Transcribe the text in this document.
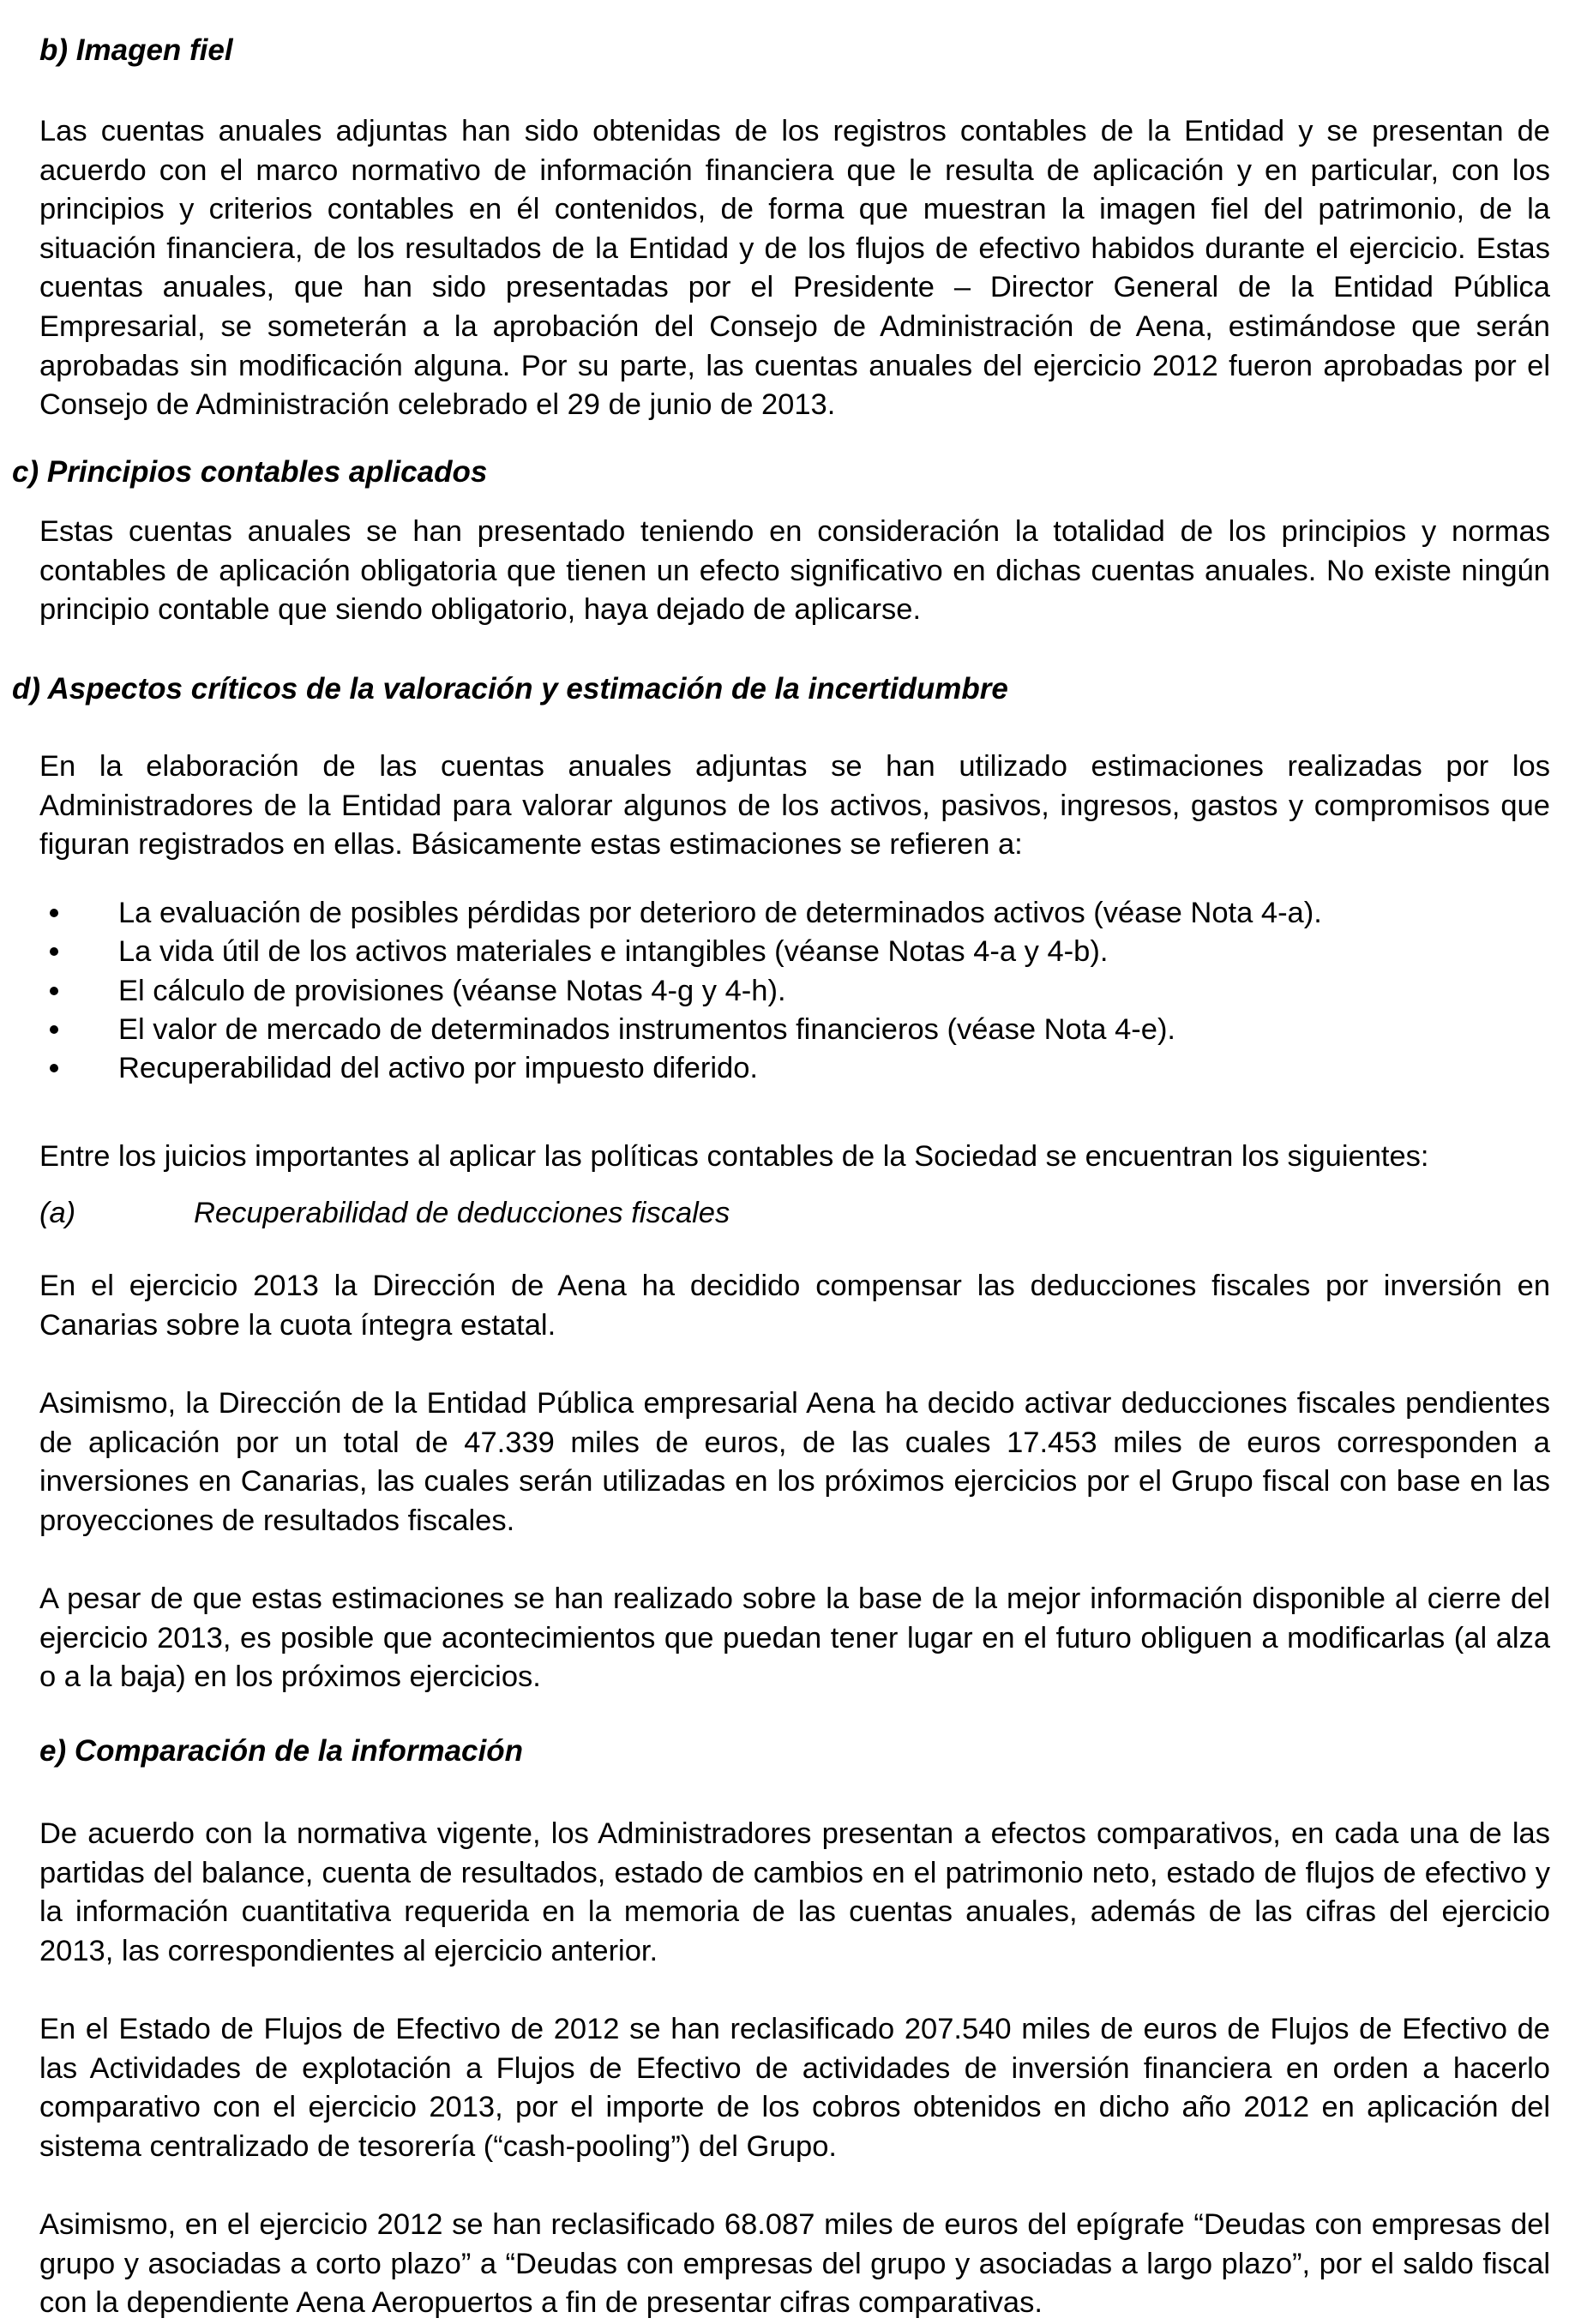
b) Imagen fiel

Las cuentas anuales adjuntas han sido obtenidas de los registros contables de la Entidad y se presentan de acuerdo con el marco normativo de información financiera que le resulta de aplicación y en particular, con los principios y criterios contables en él contenidos, de forma que muestran la imagen fiel del patrimonio, de la situación financiera, de los resultados de la Entidad y de los flujos de efectivo habidos durante el ejercicio. Estas cuentas anuales, que han sido presentadas por el Presidente – Director General de la Entidad Pública Empresarial, se someterán a la aprobación del Consejo de Administración de Aena, estimándose que serán aprobadas sin modificación alguna. Por su parte, las cuentas anuales del ejercicio 2012 fueron aprobadas por el Consejo de Administración celebrado el 29 de junio de 2013.

c) Principios contables aplicados

Estas cuentas anuales se han presentado teniendo en consideración la totalidad de los principios y normas contables de aplicación obligatoria que tienen un efecto significativo en dichas cuentas anuales. No existe ningún principio contable que siendo obligatorio, haya dejado de aplicarse.

d) Aspectos críticos de la valoración y estimación de la incertidumbre

En la elaboración de las cuentas anuales adjuntas se han utilizado estimaciones realizadas por los Administradores de la Entidad para valorar algunos de los activos, pasivos, ingresos, gastos y compromisos que figuran registrados en ellas. Básicamente estas estimaciones se refieren a:

La evaluación de posibles pérdidas por deterioro de determinados activos (véase Nota 4-a).
La vida útil de los activos materiales e intangibles (véanse Notas 4-a y 4-b).
El cálculo de provisiones (véanse Notas 4-g y 4-h).
El valor de mercado de determinados instrumentos financieros (véase Nota 4-e).
Recuperabilidad del activo por impuesto diferido.

Entre los juicios importantes al aplicar las políticas contables de la Sociedad se encuentran los siguientes:

(a)	Recuperabilidad de deducciones fiscales

En el ejercicio 2013 la Dirección de Aena ha decidido compensar las deducciones fiscales por inversión en Canarias sobre la cuota íntegra estatal.

Asimismo, la Dirección de la Entidad Pública empresarial Aena ha decido activar deducciones fiscales pendientes de aplicación por un total de 47.339 miles de euros, de las cuales 17.453 miles de euros corresponden a inversiones en Canarias, las cuales serán utilizadas en los próximos ejercicios por el Grupo fiscal con base en las proyecciones de resultados fiscales.

A pesar de que estas estimaciones se han realizado sobre la base de la mejor información disponible al cierre del ejercicio 2013, es posible que acontecimientos que puedan tener lugar en el futuro obliguen a modificarlas (al alza o a la baja) en los próximos ejercicios.

e) Comparación de la información

De acuerdo con la normativa vigente, los Administradores presentan a efectos comparativos, en cada una de las partidas del balance, cuenta de resultados, estado de cambios en el patrimonio neto, estado de flujos de efectivo y la información cuantitativa requerida en la memoria de las cuentas anuales, además de las cifras del ejercicio 2013, las correspondientes al ejercicio anterior.

En el Estado de Flujos de Efectivo de 2012 se han reclasificado 207.540 miles de euros de Flujos de Efectivo de las Actividades de explotación a Flujos de Efectivo de actividades de inversión financiera en orden a hacerlo comparativo con el ejercicio 2013, por el importe de los cobros obtenidos en dicho año 2012 en aplicación del sistema centralizado de tesorería (“cash-pooling”) del Grupo.

Asimismo, en el ejercicio 2012 se han reclasificado 68.087 miles de euros del epígrafe “Deudas con empresas del grupo y asociadas a corto plazo” a “Deudas con empresas del grupo y asociadas a largo plazo”, por el saldo fiscal con la dependiente Aena Aeropuertos a fin de presentar cifras comparativas.
